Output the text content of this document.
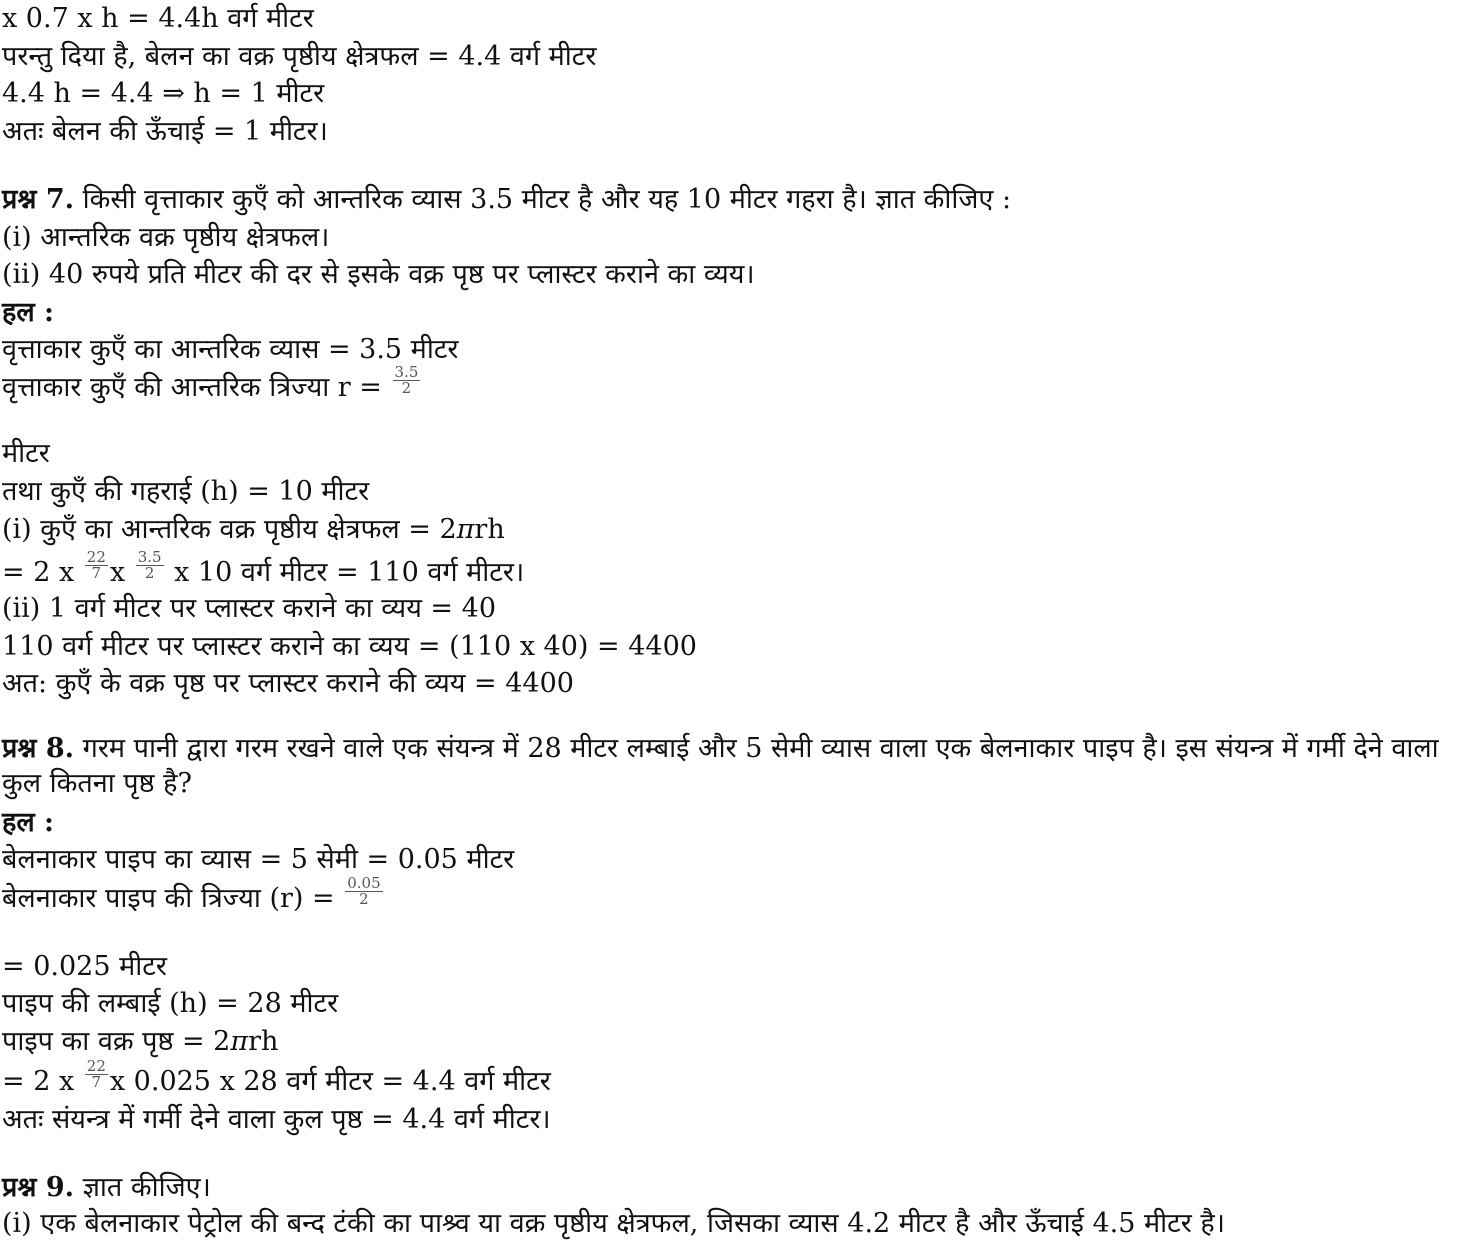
x 0.7 x h = 4.4h वर्ग मीटर
परन्तु दिया है, बेलन का वक्र पृष्ठीय क्षेत्रफल = 4.4 वर्ग मीटर
4.4 h = 4.4 ⇒ h = 1 मीटर
अतः बेलन की ऊँचाई = 1 मीटर।
प्रश्न 7. किसी वृत्ताकार कुएँ को आन्तरिक व्यास 3.5 मीटर है और यह 10 मीटर गहरा है। ज्ञात कीजिए :
(i) आन्तरिक वक्र पृष्ठीय क्षेत्रफल।
(ii) 40 रुपये प्रति मीटर की दर से इसके वक्र पृष्ठ पर प्लास्टर कराने का व्यय।
हल :
वृत्ताकार कुएँ का आन्तरिक व्यास = 3.5 मीटर
वृत्ताकार कुएँ की आन्तरिक त्रिज्या $r = \frac{3.5}{2}$
मीटर
तथा कुएँ की गहराई (h) = 10 मीटर
(i) कुएँ का आन्तरिक वक्र पृष्ठीय क्षेत्रफल = 2πrh
= 2 x $\frac{22}{7}$ x $\frac{3.5}{2}$ x 10 वर्ग मीटर = 110 वर्ग मीटर।
(ii) 1 वर्ग मीटर पर प्लास्टर कराने का व्यय = 40
110 वर्ग मीटर पर प्लास्टर कराने का व्यय = (110 x 40) = 4400
अत: कुएँ के वक्र पृष्ठ पर प्लास्टर कराने की व्यय = 4400
प्रश्न 8. गरम पानी द्वारा गरम रखने वाले एक संयन्त्र में 28 मीटर लम्बाई और 5 सेमी व्यास वाला एक बेलनाकार पाइप है। इस संयन्त्र में गर्मी देने वाला कुल कितना पृष्ठ है?
हल :
बेलनाकार पाइप का व्यास = 5 सेमी = 0.05 मीटर
बेलनाकार पाइप की त्रिज्या $(r) = \frac{0.05}{2}$
= 0.025 मीटर
पाइप की लम्बाई (h) = 28 मीटर
पाइप का वक्र पृष्ठ = 2πrh
= 2 x $\frac{22}{7}$ x 0.025 x 28 वर्ग मीटर = 4.4 वर्ग मीटर
अतः संयन्त्र में गर्मी देने वाला कुल पृष्ठ = 4.4 वर्ग मीटर।
प्रश्न 9. ज्ञात कीजिए।
(i) एक बेलनाकार पेट्रोल की बन्द टंकी का पाश्र्व या वक्र पृष्ठीय क्षेत्रफल, जिसका व्यास 4.2 मीटर है और ऊँचाई 4.5 मीटर है।
